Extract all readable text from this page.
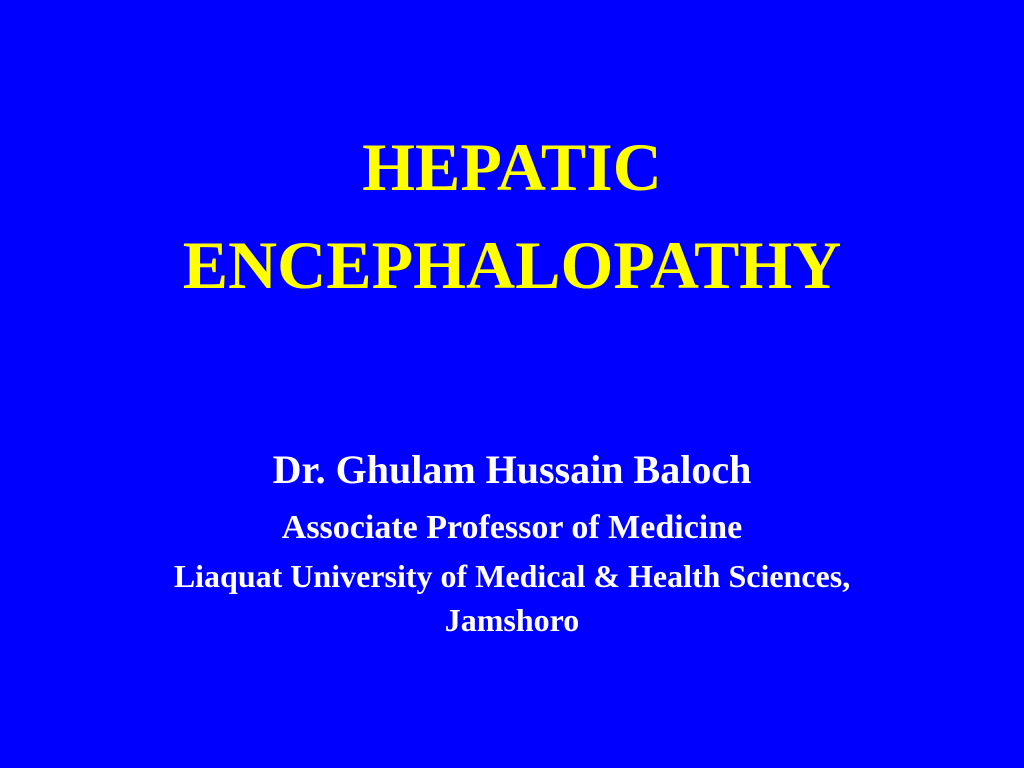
HEPATIC
ENCEPHALOPATHY
Dr. Ghulam Hussain Baloch
Associate Professor of Medicine
Liaquat University of Medical & Health Sciences,
Jamshoro
